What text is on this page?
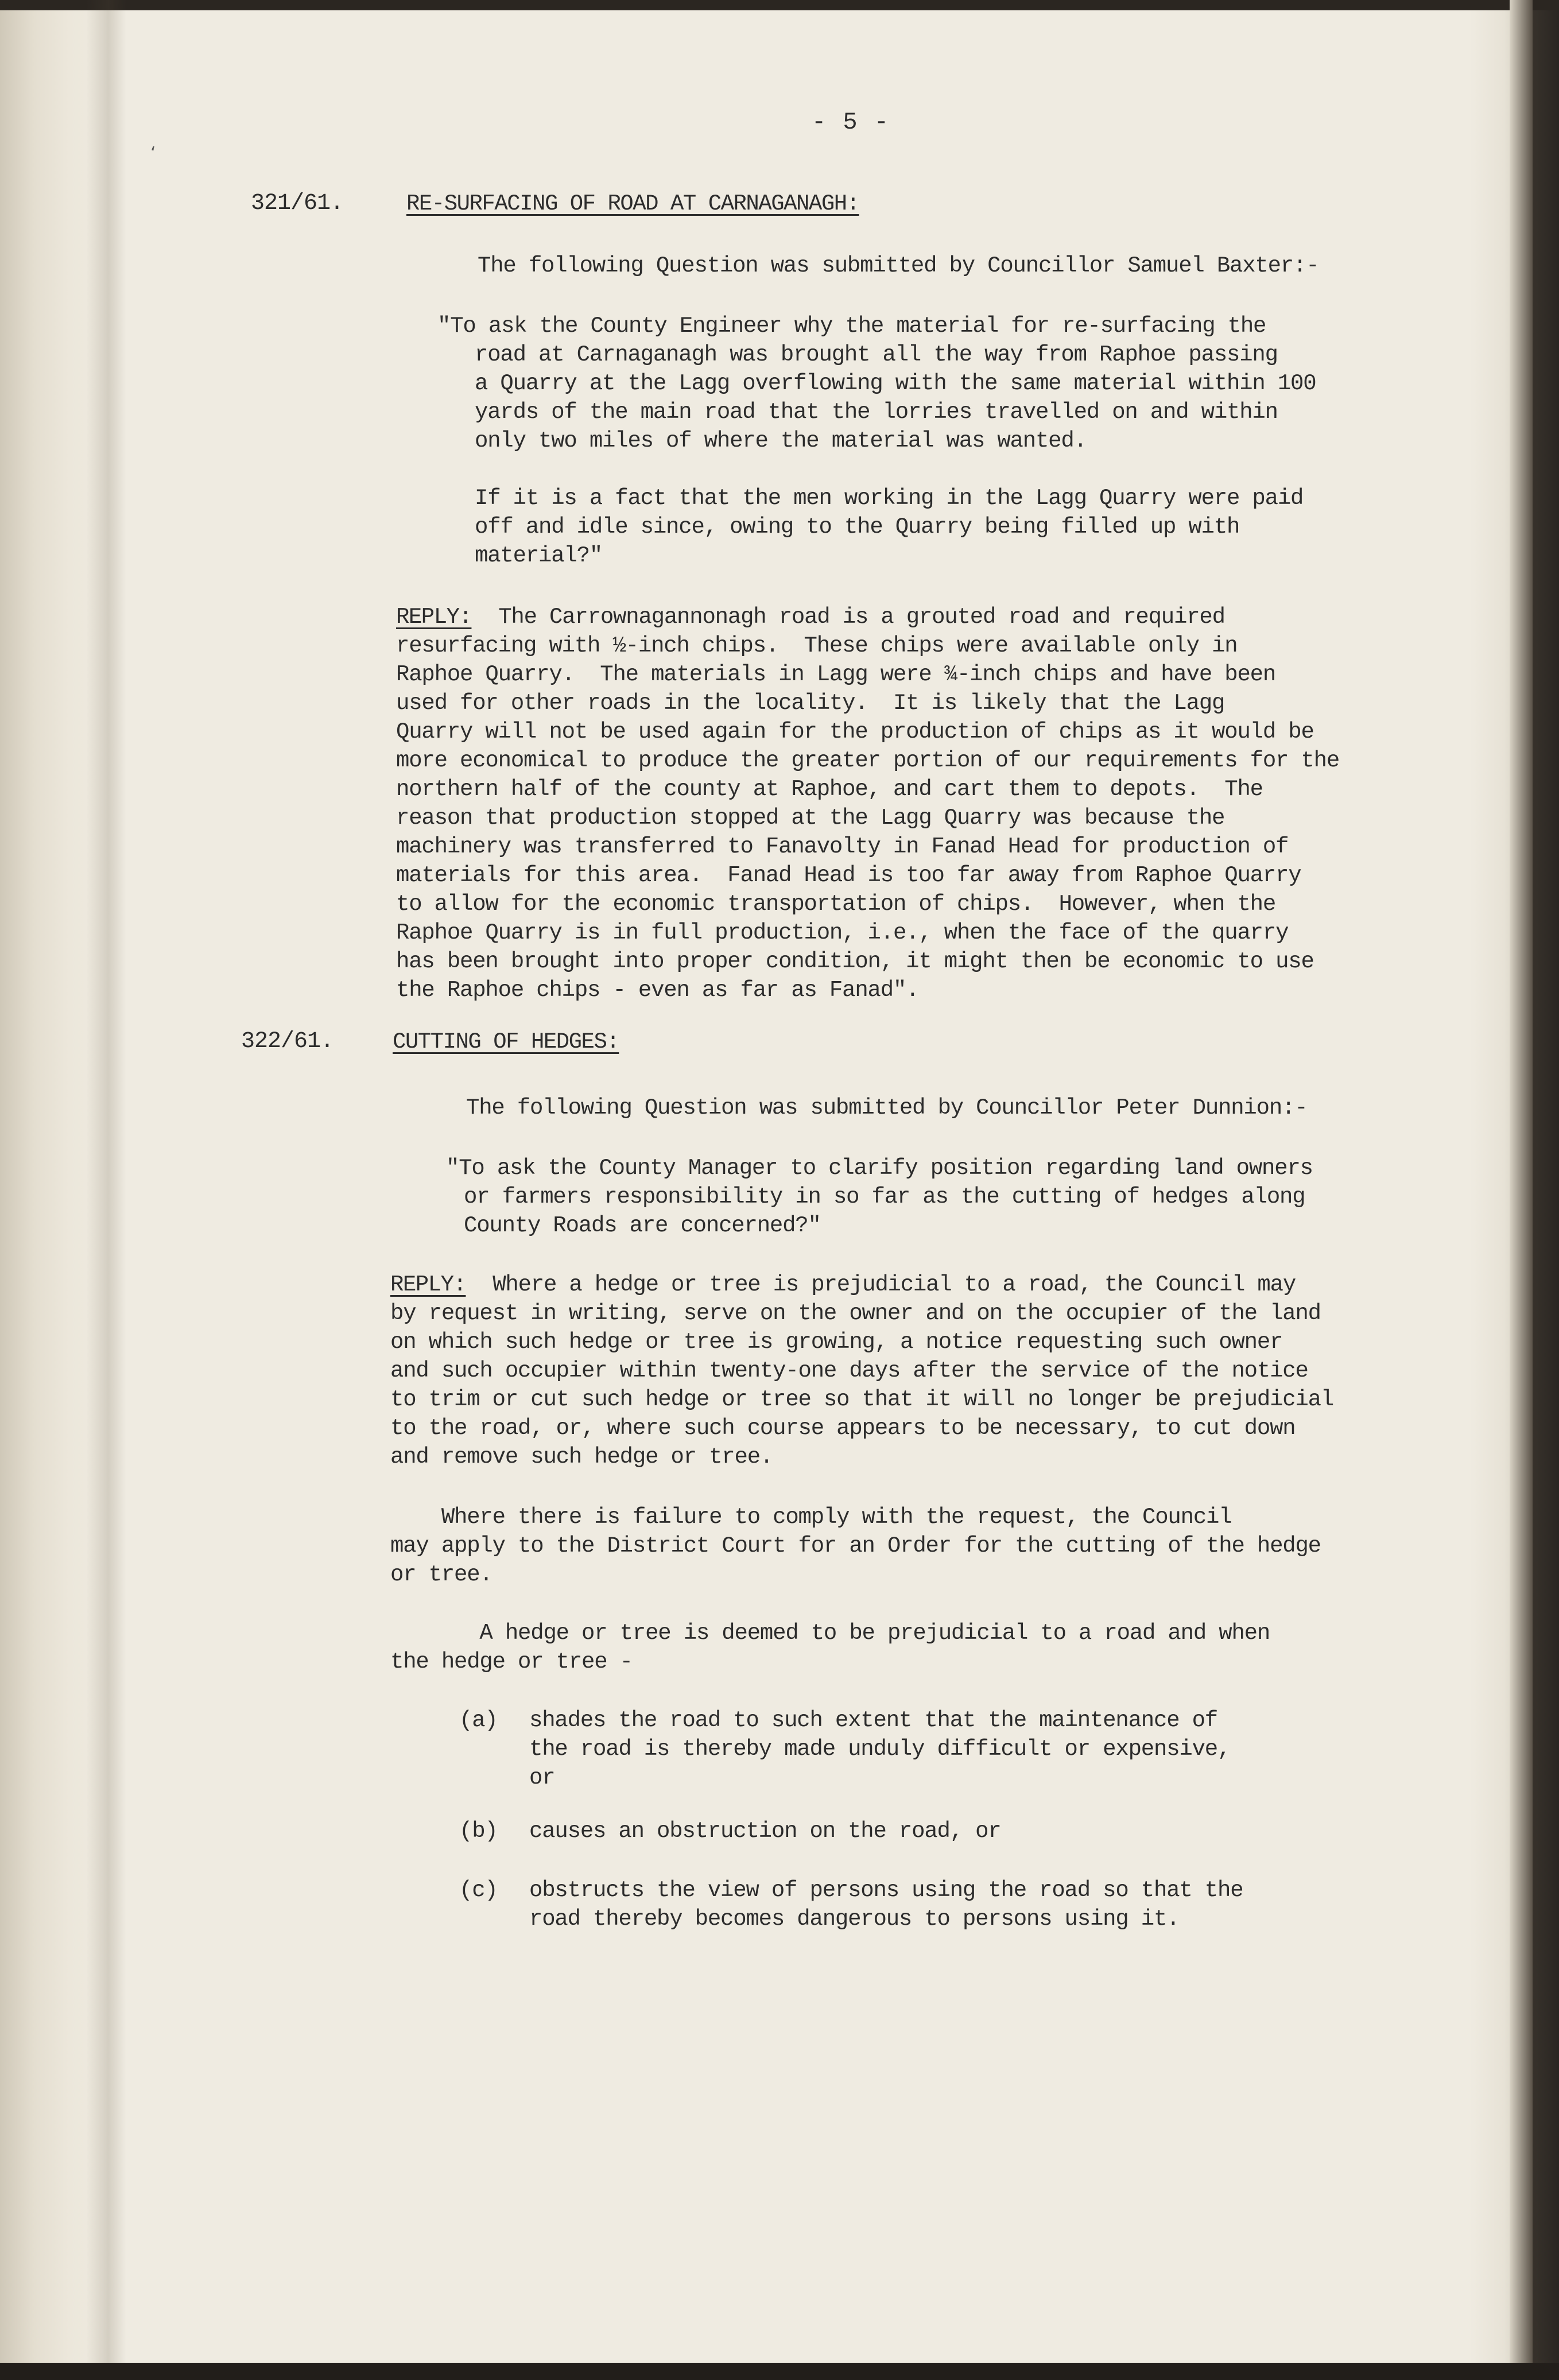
‘
- 5 -
321/61.	RE-SURFACING OF ROAD AT CARNAGANAGH:
The following Question was submitted by Councillor Samuel Baxter:-
"To ask the County Engineer why the material for re-surfacing the
road at Carnaganagh was brought all the way from Raphoe passing
a Quarry at the Lagg overflowing with the same material within 100
yards of the main road that the lorries travelled on and within
only two miles of where the material was wanted.
If it is a fact that the men working in the Lagg Quarry were paid
off and idle since, owing to the Quarry being filled up with
material?"
REPLY: The Carrownagannonagh road is a grouted road and required
resurfacing with ½-inch chips.  These chips were available only in
Raphoe Quarry.  The materials in Lagg were ¾-inch chips and have been
used for other roads in the locality.  It is likely that the Lagg
Quarry will not be used again for the production of chips as it would be
more economical to produce the greater portion of our requirements for the
northern half of the county at Raphoe, and cart them to depots.  The
reason that production stopped at the Lagg Quarry was because the
machinery was transferred to Fanavolty in Fanad Head for production of
materials for this area.  Fanad Head is too far away from Raphoe Quarry
to allow for the economic transportation of chips.  However, when the
Raphoe Quarry is in full production, i.e., when the face of the quarry
has been brought into proper condition, it might then be economic to use
the Raphoe chips - even as far as Fanad".
322/61.	CUTTING OF HEDGES:
The following Question was submitted by Councillor Peter Dunnion:-
"To ask the County Manager to clarify position regarding land owners
or farmers responsibility in so far as the cutting of hedges along
County Roads are concerned?"
REPLY: Where a hedge or tree is prejudicial to a road, the Council may
by request in writing, serve on the owner and on the occupier of the land
on which such hedge or tree is growing, a notice requesting such owner
and such occupier within twenty-one days after the service of the notice
to trim or cut such hedge or tree so that it will no longer be prejudicial
to the road, or, where such course appears to be necessary, to cut down
and remove such hedge or tree.
Where there is failure to comply with the request, the Council
may apply to the District Court for an Order for the cutting of the hedge
or tree.
A hedge or tree is deemed to be prejudicial to a road and when
the hedge or tree -
(a) shades the road to such extent that the maintenance of
the road is thereby made unduly difficult or expensive,
or
(b) causes an obstruction on the road, or
(c) obstructs the view of persons using the road so that the
road thereby becomes dangerous to persons using it.
